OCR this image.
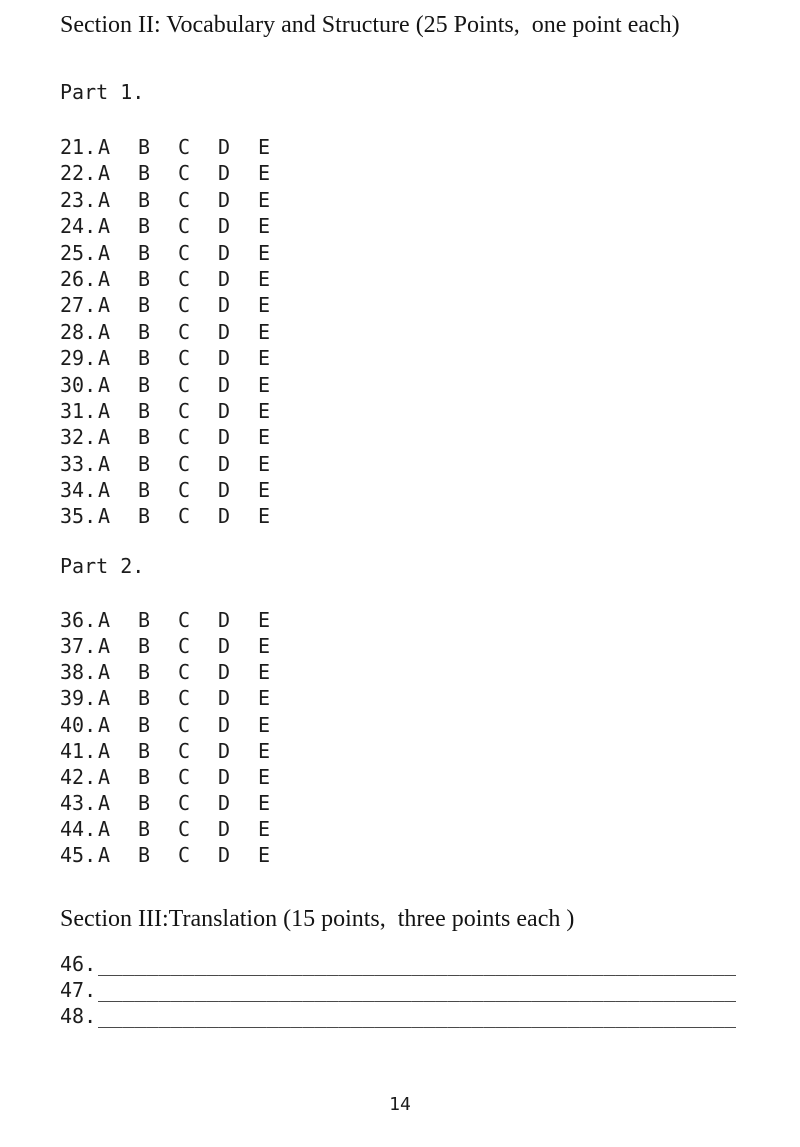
Section II: Vocabulary and Structure (25 Points,  one point each)
Part 1.
21. A	B	C	D	E
22. A	B	C	D	E
23. A	B	C	D	E
24. A	B	C	D	E
25. A	B	C	D	E
26. A	B	C	D	E
27. A	B	C	D	E
28. A	B	C	D	E
29. A	B	C	D	E
30. A	B	C	D	E
31. A	B	C	D	E
32. A	B	C	D	E
33. A	B	C	D	E
34. A	B	C	D	E
35. A	B	C	D	E
Part 2.
36. A	B	C	D	E
37. A	B	C	D	E
38. A	B	C	D	E
39. A	B	C	D	E
40. A	B	C	D	E
41. A	B	C	D	E
42. A	B	C	D	E
43. A	B	C	D	E
44. A	B	C	D	E
45. A	B	C	D	E
Section III:Translation (15 points,  three points each )
46. _____________________________________________________
47. _____________________________________________________
48. _____________________________________________________
14
